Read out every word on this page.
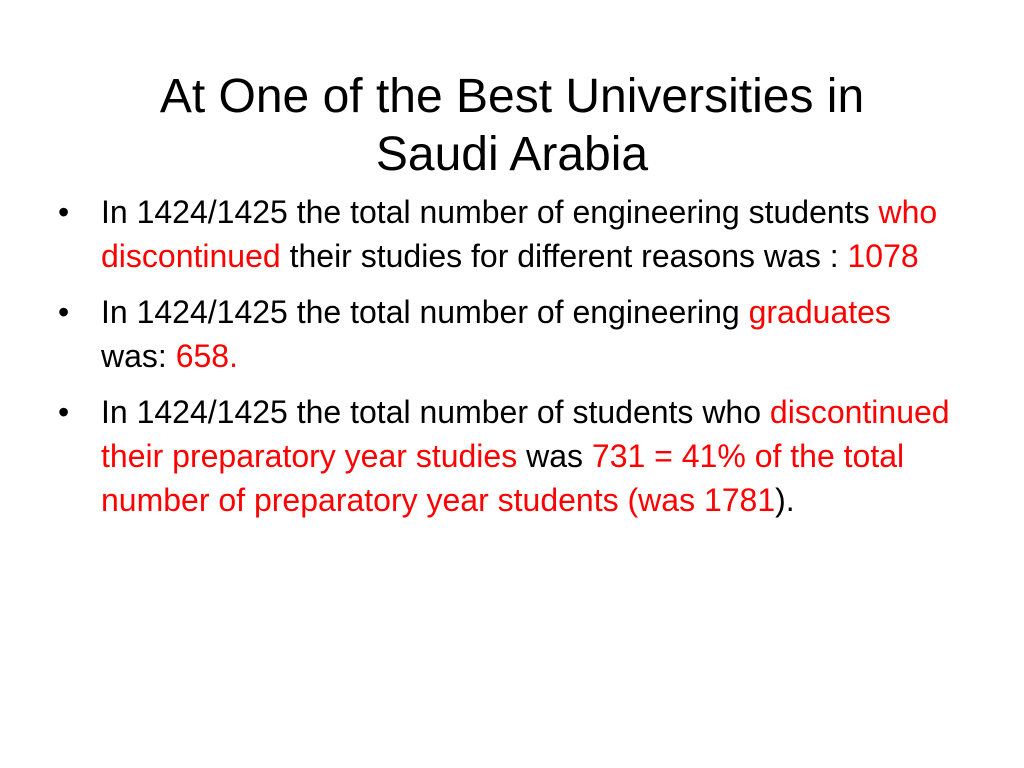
At One of the Best Universities in
Saudi Arabia
• In 1424/1425 the total number of engineering students who discontinued their studies for different reasons was : 1078
• In 1424/1425 the total number of engineering graduates was: 658.
• In 1424/1425 the total number of students who discontinued their preparatory year studies was 731 = 41% of the total number of preparatory year students (was 1781).
